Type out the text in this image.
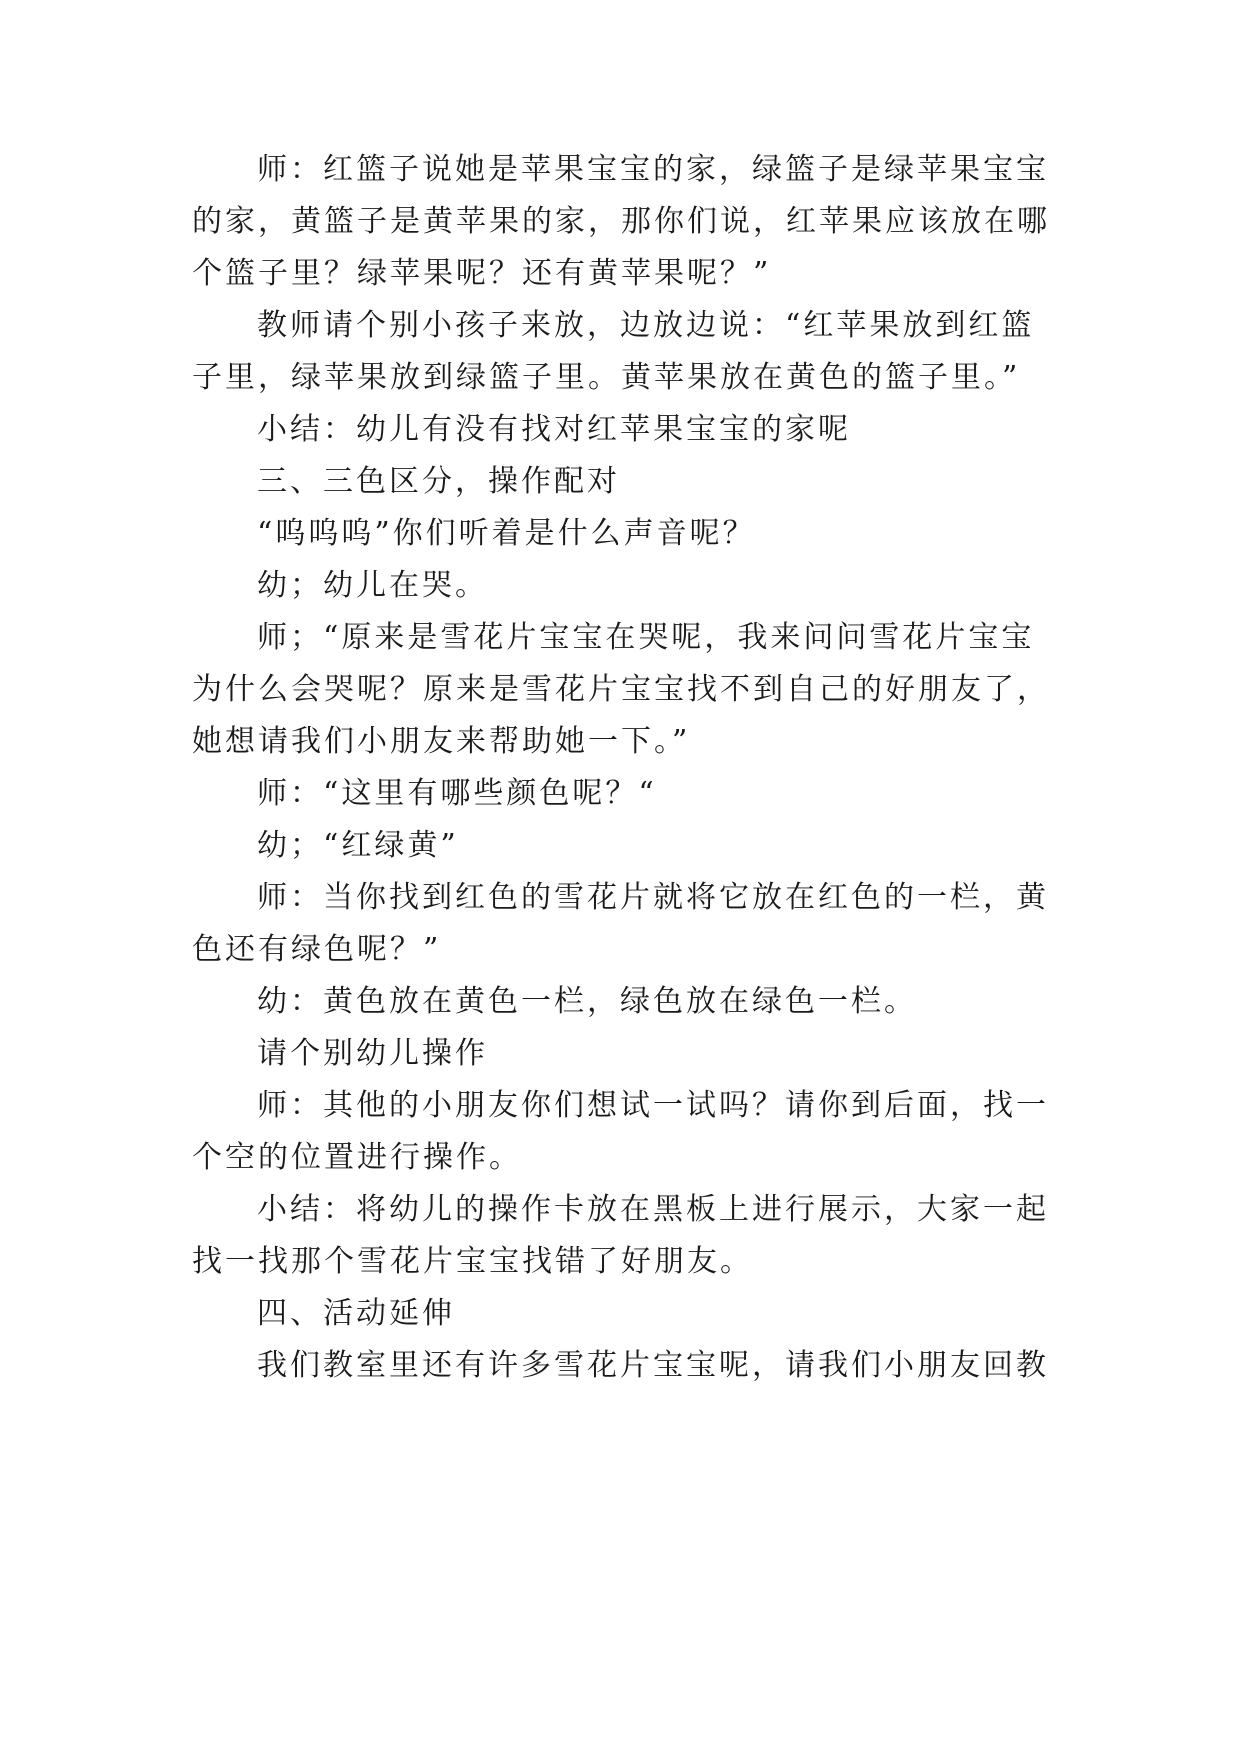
师：红篮子说她是苹果宝宝的家，绿篮子是绿苹果宝宝
的家，黄篮子是黄苹果的家，那你们说，红苹果应该放在哪
个篮子里？绿苹果呢？还有黄苹果呢？”
教师请个别小孩子来放，边放边说：“红苹果放到红篮
子里，绿苹果放到绿篮子里。黄苹果放在黄色的篮子里。”
小结：幼儿有没有找对红苹果宝宝的家呢
三、三色区分，操作配对
“呜呜呜”你们听着是什么声音呢？
幼；幼儿在哭。
师；“原来是雪花片宝宝在哭呢，我来问问雪花片宝宝
为什么会哭呢？原来是雪花片宝宝找不到自己的好朋友了，
她想请我们小朋友来帮助她一下。”
师：“这里有哪些颜色呢？“
幼；“红绿黄”
师：当你找到红色的雪花片就将它放在红色的一栏，黄
色还有绿色呢？”
幼：黄色放在黄色一栏，绿色放在绿色一栏。
请个别幼儿操作
师：其他的小朋友你们想试一试吗？请你到后面，找一
个空的位置进行操作。
小结：将幼儿的操作卡放在黑板上进行展示，大家一起
找一找那个雪花片宝宝找错了好朋友。
四、活动延伸
我们教室里还有许多雪花片宝宝呢，请我们小朋友回教
